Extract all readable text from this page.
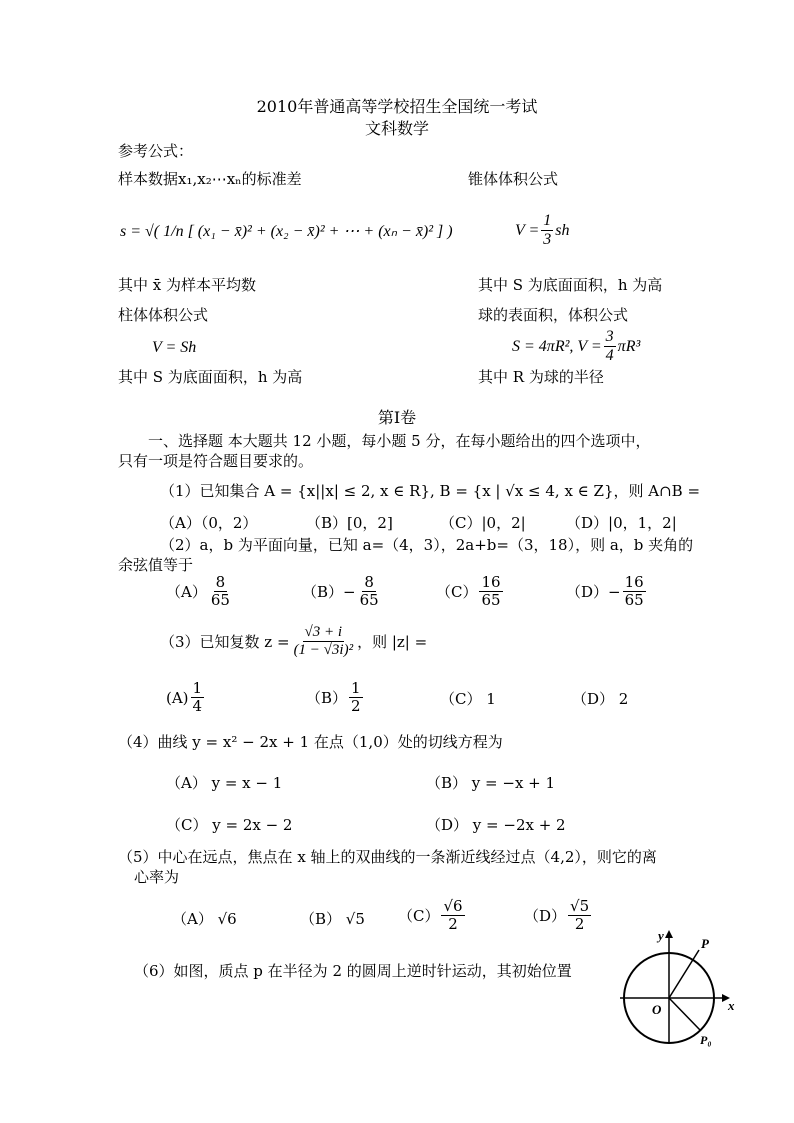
2010年普通高等学校招生全国统一考试
文科数学
参考公式：
样本数据x₁,x₂⋯xₙ的标准差	锥体体积公式
s = √( 1/n [ (x₁ − x̄)² + (x₂ − x̄)² + ⋯ + (xₙ − x̄)² ] )	$V = \frac{1}{3}$ sh
其中 x̄ 为样本平均数	其中 S 为底面面积，h 为高
柱体体积公式	球的表面积，体积公式
V = Sh	S = 4πR², $V = \frac{3}{4} \pi R^3$
其中 S 为底面面积，h 为高	其中 R 为球的半径
第Ⅰ卷
一、选择题 本大题共 12 小题，每小题 5 分，在每小题给出的四个选项中，
只有一项是符合题目要求的。
（1）已知集合 A = {x||x| ≤ 2, x ∈ R}, B = {x | √x ≤ 4, x ∈ Z}，则 A∩B =
（A）（0，2）	（B）[0，2]	（C）|0，2|	（D）|0，1，2|
（2）a，b 为平面向量，已知 a=（4，3），2a+b=（3，18），则 a，b 夹角的
余弦值等于
$(A) \frac{8}{65}$	$(B)- \frac{8}{65}$	$(C) \frac{16}{65}$	$(D)- \frac{16}{65}$
（3）已知复数 $z = \frac{√3 + i}{\text{(1 − √3i)²}}$ ，则 |z| =
$(A) \frac{1}{4}$	$(B) \frac{1}{2}$	（C） 1	（D） 2
（4）曲线 y = x² − 2x + 1 在点（1,0）处的切线方程为
（A） y = x − 1	（B） y = −x + 1
（C） y = 2x − 2	（D） y = −2x + 2
（5）中心在远点，焦点在 x 轴上的双曲线的一条渐近线经过点（4,2），则它的离
心率为
（A） √6	（B） √5 $(C) \frac{√6}{2}$	$(D) \frac{√5}{2}$
（6）如图，质点 p 在半径为 2 的圆周上逆时针运动，其初始位置
x
y
O
P
P₀
